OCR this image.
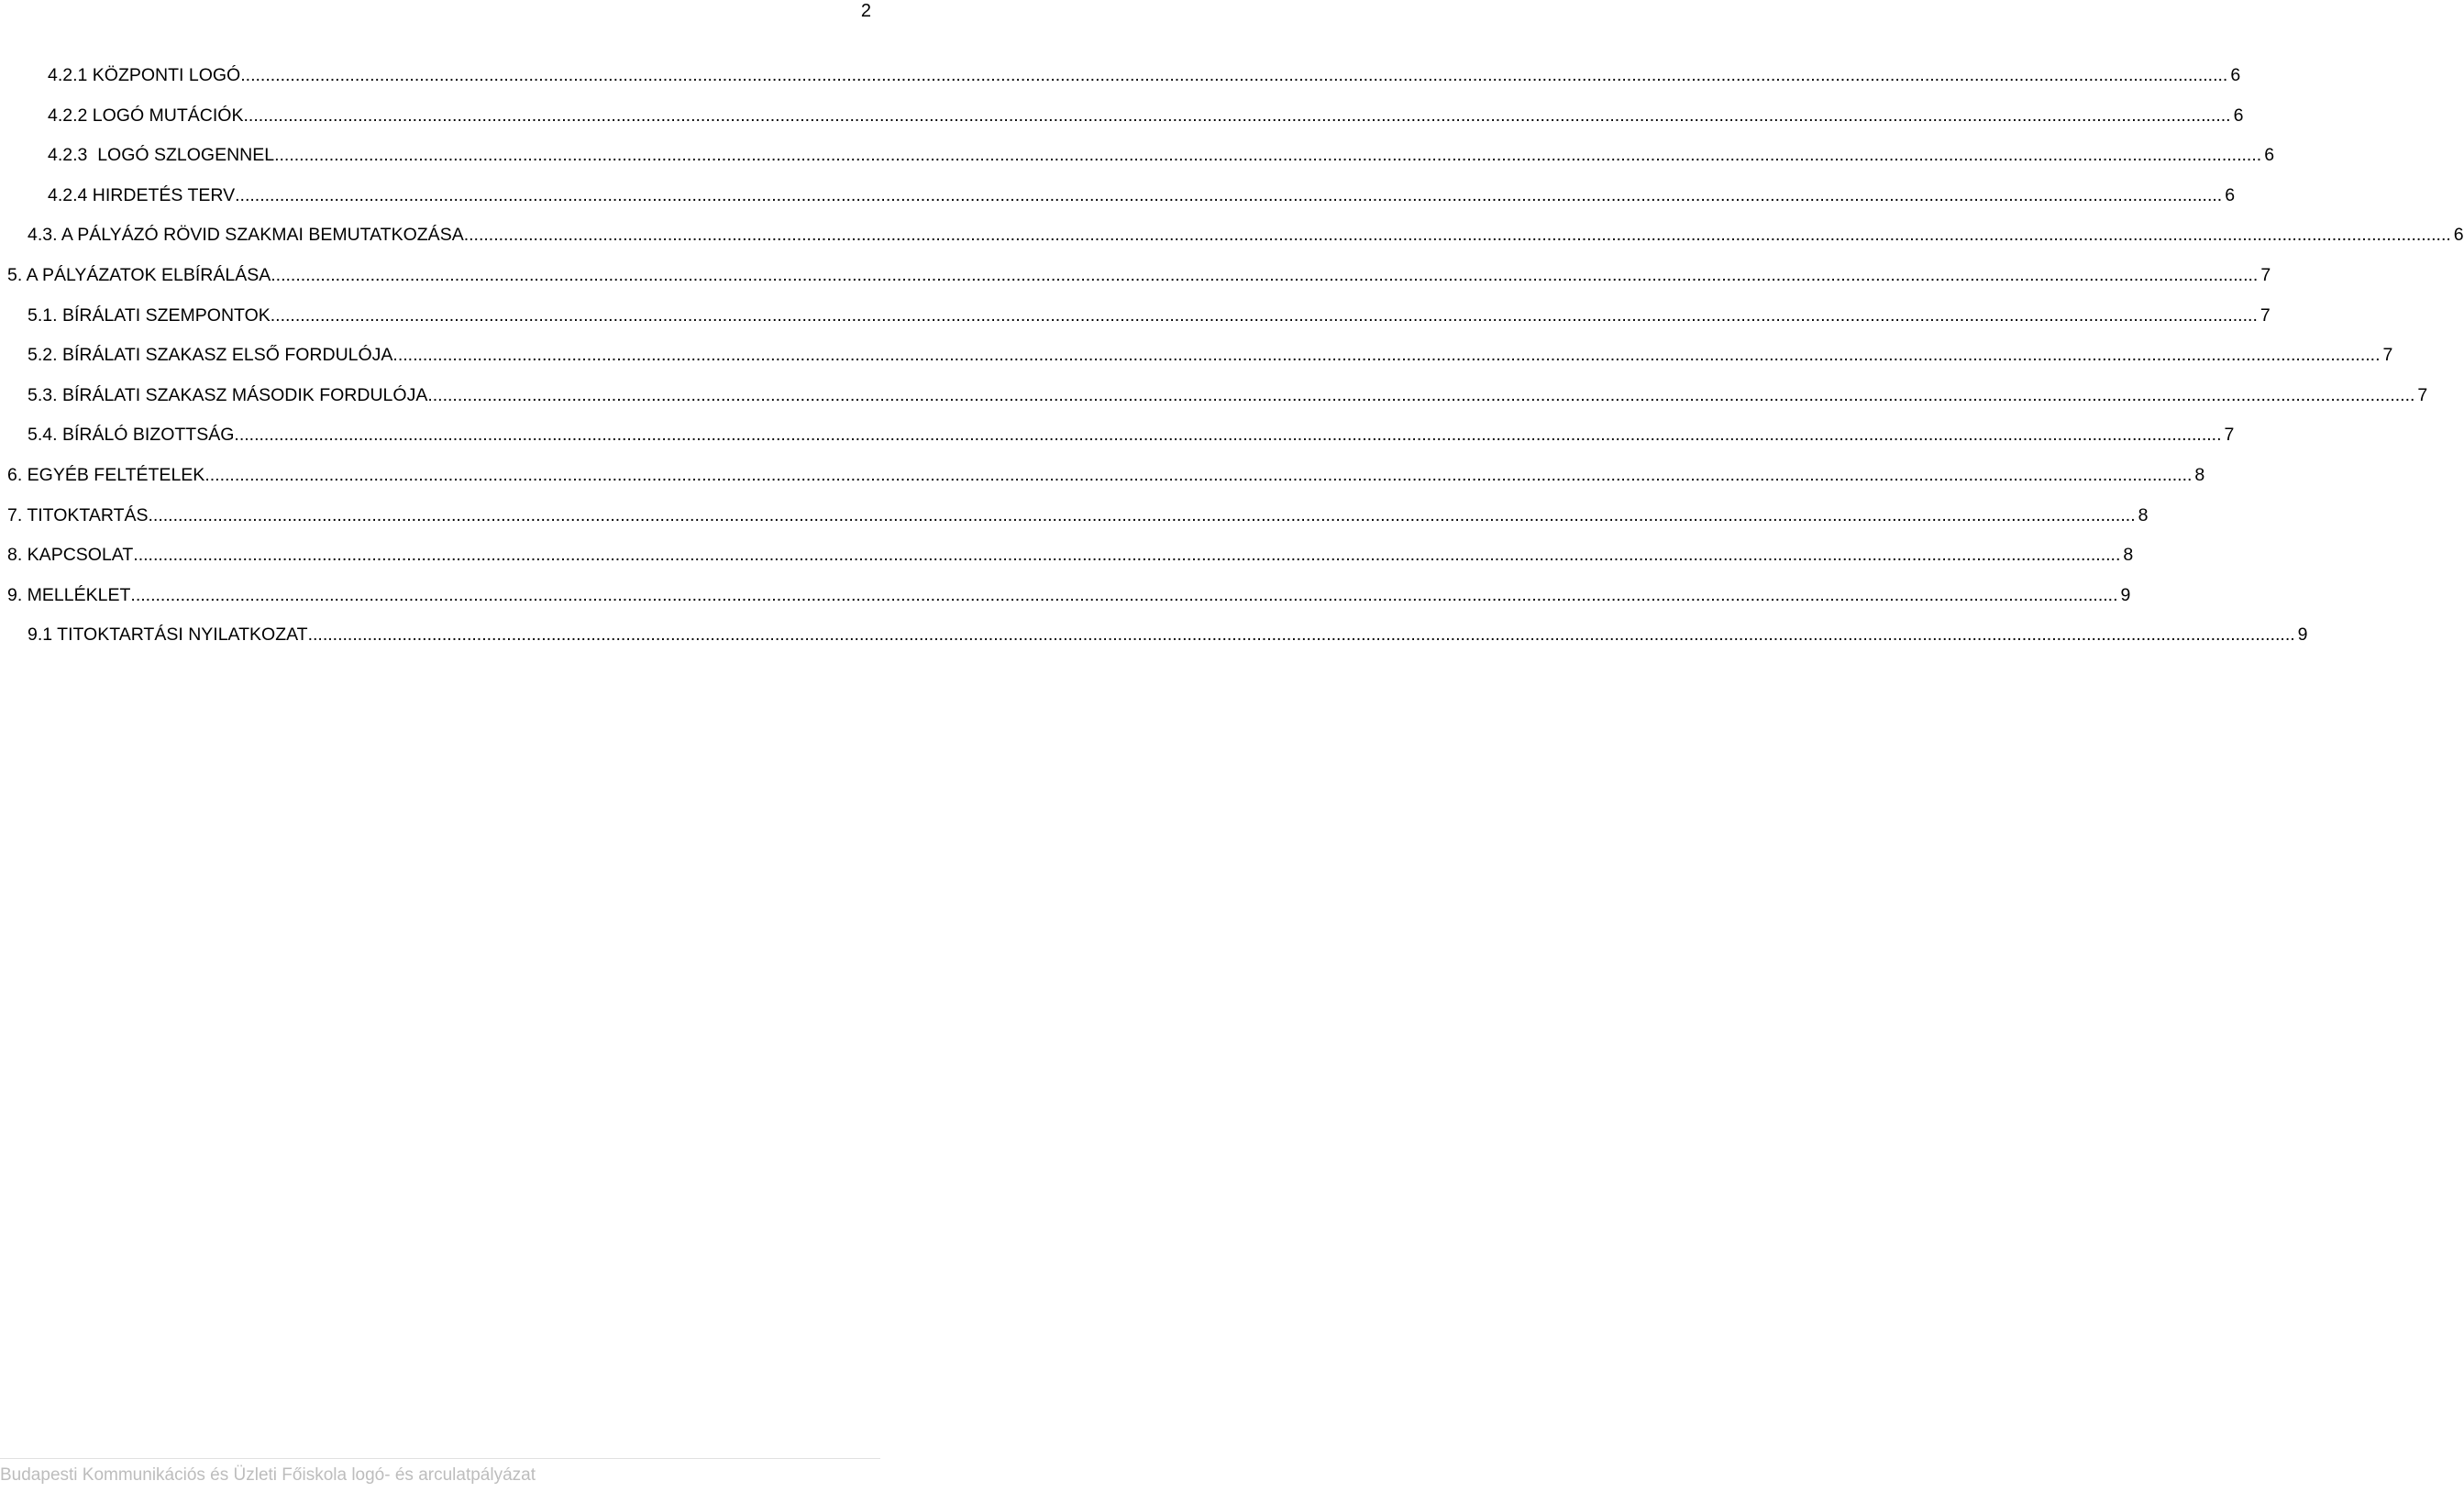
2
4.2.1 KÖZPONTI LOGÓ ................................................................................................................................................................................................................................................................................................................................................................................................................ 6
4.2.2 LOGÓ MUTÁCIÓK ................................................................................................................................................................................................................................................................................................................................................................................................................ 6
4.2.3  LOGÓ SZLOGENNEL ................................................................................................................................................................................................................................................................................................................................................................................................................ 6
4.2.4 HIRDETÉS TERV ................................................................................................................................................................................................................................................................................................................................................................................................................ 6
4.3. A PÁLYÁZÓ RÖVID SZAKMAI BEMUTATKOZÁSA ................................................................................................................................................................................................................................................................................................................................................................................................................ 6
5. A PÁLYÁZATOK ELBÍRÁLÁSA ................................................................................................................................................................................................................................................................................................................................................................................................................ 7
5.1. BÍRÁLATI SZEMPONTOK ................................................................................................................................................................................................................................................................................................................................................................................................................ 7
5.2. BÍRÁLATI SZAKASZ ELSŐ FORDULÓJA ................................................................................................................................................................................................................................................................................................................................................................................................................ 7
5.3. BÍRÁLATI SZAKASZ MÁSODIK FORDULÓJA ................................................................................................................................................................................................................................................................................................................................................................................................................ 7
5.4. BÍRÁLÓ BIZOTTSÁG ................................................................................................................................................................................................................................................................................................................................................................................................................ 7
6. EGYÉB FELTÉTELEK ................................................................................................................................................................................................................................................................................................................................................................................................................ 8
7. TITOKTARTÁS ................................................................................................................................................................................................................................................................................................................................................................................................................ 8
8. KAPCSOLAT ................................................................................................................................................................................................................................................................................................................................................................................................................ 8
9. MELLÉKLET ................................................................................................................................................................................................................................................................................................................................................................................................................ 9
9.1 TITOKTARTÁSI NYILATKOZAT ................................................................................................................................................................................................................................................................................................................................................................................................................ 9
Budapesti Kommunikációs és Üzleti Főiskola logó- és arculatpályázat
